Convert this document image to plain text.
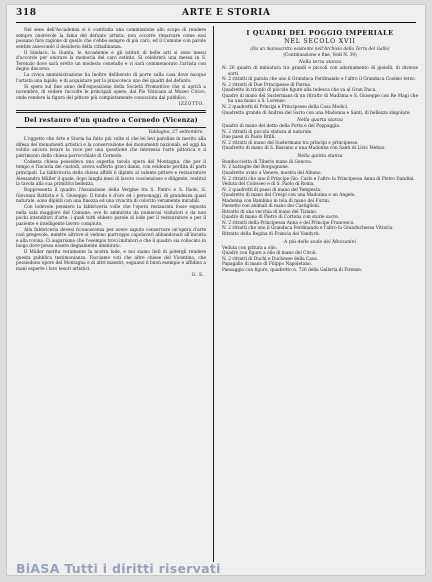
318	ARTE E STORIA

Nel seno dell'Accademia si è costituita una commissione allo scopo di rendere sempre onorevole la fama del defunto artista; non occorre rimarcare come essi possano fare ragione di quello che s'ebbe sempre di più caro, ed il Comune con parole sentite assecondò il desiderio della cittadinanza.

Il Sindaco, la Giunta, le Accademie e gli istituti di belle arti si sono messi d'accordo per onorare la memoria del caro estinto. Si celebrerà una messa in S. Terenzio dove sarà eretto un modesto cenotafio e vi sarà commemorato l'artista con degno discorso.

La civica amministrazione ha inoltre deliberato di porre sulla casa dove nacque l'artista una lapide, e di acquistare per la pinacoteca uno dei quadri del defunto.

Si spera sul fine anno dell'esposizione della Società Promotrice che si aprirà a novembre, di vedere raccolte le principali opere, dal Pio Vaticano al Museo Civico, onde rendere la figura del pittore più compiutamente conosciuta dal pubblico.

IZZOTTO.
Del restauro d'un quadro a Cornedo (Vicenza)
Valdagno, 27 settembre.

L'oggetto che Arte e Storia ha fatto più volte sì che lei levi paroline in merito alla difesa dei monumenti artistici e la conservazione dei monumenti nazionali; ed oggi ha voluto ancora levare la voce per una questione che interessa l'arte pittorica e il patrimonio della chiesa parrocchiale di Cornedo.

Codesta chiesa possedeva una superba tavola opera del Montagna, che per il tempo e l'incuria dei custodi, aveva sofferto gravi danni, con evidente perdita di parti principali. La fabbriceria della chiesa affidò il dipinto al valente pittore e restauratore Alessandro Müller il quale, dopo lunghi mesi di lavoro coscienzioso e diligente, restituì la tavola alla sua primitiva bellezza.

Rappresenta il quadro l'Assunzione della Vergine tra S. Pietro e S. Paolo, S. Giovanni Battista e S. Giuseppe. Il fondo è d'oro ed i personaggi, di grandezza quasi naturale, sono dipinti con una finezza ed una vivacità di colorito veramente mirabili.

Con lodevole pensiero la fabbriceria volle che l'opera restaurata fosse esposta nella sala maggiore del Comune, ove fu ammirata da numerosi visitatori e da non pochi intenditori d'arte, i quali tutti ebbero parole di lode per il restauratore e per il paziente e intelligente lavoro compiuto.

Alla fabbriceria devesi riconoscenza per avere saputo conservare un'opera d'arte così pregevole, mentre altrove si vedono purtroppo capolavori abbandonati all'incuria e alla rovina. Ci auguriamo che l'esempio trovi imitatori e che il quadro sia collocato in luogo dove possa essere degnamente ammirato.

Il Müller merita veramente la nostra lode, e noi siamo lieti di potergli rendere questa pubblica testimonianza. Facciamo voti che altre chiese del Vicentino, che possiedono opere del Montagna e di altri maestri, seguano il buon esempio e affidino a mani esperte i loro tesori artistici.

G. S.
I QUADRI DEL POGGIO IMPERIALE
NEL SECOLO XVII
(Da un manoscritto esistente nell'Archivio della Terra del Gallo)
(Continuazione e fine, Vedi N. 39)
Nella terza stanza
N. 26 quadri di miniatura tra grandi e piccoli con adornamento di gioielli, di diverse sorti.
N. 2 ritratti di parata che uno il Granduca Ferdinando e l'altro il Granduca Cosimo terzo.
N. 2 ritratti di Due Principesse di Parma.
Quadretto in trionfo di piccole figure alla tedesca che va al Gran Duca.
Quadro di mano del Sustermans di un ritratto di Madama e S. Giuseppe con Re Magi che ha una mano a S. Lorenzo.
N. 2 quadretti di Principi e Principesse della Casa Medici.
Quadretto grande di Andrea del Sarto con una Madonna e Santi, di bellezza singolare.
Nella quarta stanza
Quadro di mano del detto della Porta e del Poppaggia.
N. 2 ritratti di piccola statura al naturale.
Due paesi di Paolo Brilli.
N. 2 ritratti di mano del Sustermans tra principi e principesse.
Quadretto di mano di S. Bassano e una Madonna con Santi di Livio Mehus.
Nella quinta stanza
Bamboccietta di Tiberio mano di Genova.
N. 2 battaglie del Borgognone.
Quadretto ovato a Venere, mostra del Albano.
N. 2 ritratti che uno il Principe Gio. Carlo e l'altro la Principessa Anna di Pietro Dandini.
Veduta del Colosseo e di S. Paolo di Roma.
N. 2 quadretti di paesi di mano del Tempesta.
Quadretto di mano del Crespi con una Madonna e un Angelo.
Madonna con Bambino in tela di mano del Furini.
Paesetto con animali di mano dei Castiglioni.
Ritratto di una vecchia di mano del Tiziano.
Quadro di mano di Pietro di Cortona con storie sacre.
N. 2 ritratti della Principessa Anna e del Principe Francesco.
N. 2 ritratti che uno il Granduca Ferdinando e l'altro la Granduchessa Vittoria.
Ritratto della Regina di Francia del Vandyck.
A più delle scale dei Mezzanini
Veduta con pittura a olio.
Quadro con figure a olio di mano del Civoli.
N. 2 ritratti di Duchi e Duchesse della Casa.
Papagallo di mano di Filippo Napoletano.
Paesaggio con figure, quadretto n. 726 della Galleria di Firenze.
BiASA Tutti i diritti riservati
